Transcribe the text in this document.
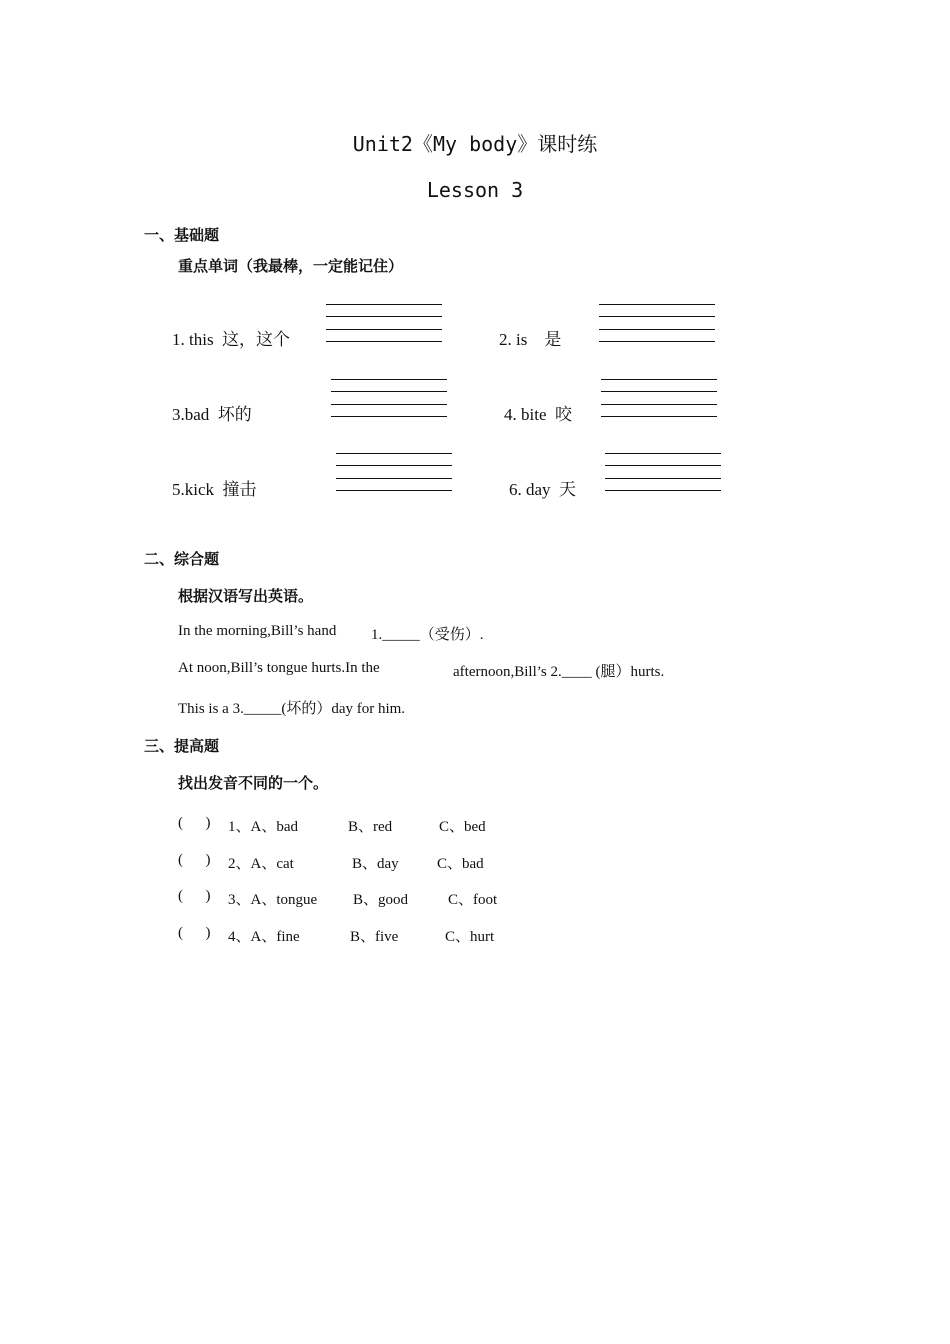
Unit2《My body》课时练
Lesson 3
一、基础题
重点单词（我最棒，一定能记住）
1. this  这，这个	2. is    是
3.bad  坏的	4. bite  咬
5.kick  撞击	6. day  天
二、综合题
根据汉语写出英语。
In the morning,Bill’s hand 1._____（受伤）.
At noon,Bill’s tongue hurts.In the	afternoon,Bill’s 2.____ (腿）hurts.
This is a 3._____(坏的）day for him.
三、提高题
找出发音不同的一个。
(      ) 1、A、bad	B、red	C、bed
(      ) 2、A、cat	B、day	C、bad
(      ) 3、A、tongue B、good	C、foot
(      ) 4、A、fine	B、five	C、hurt
